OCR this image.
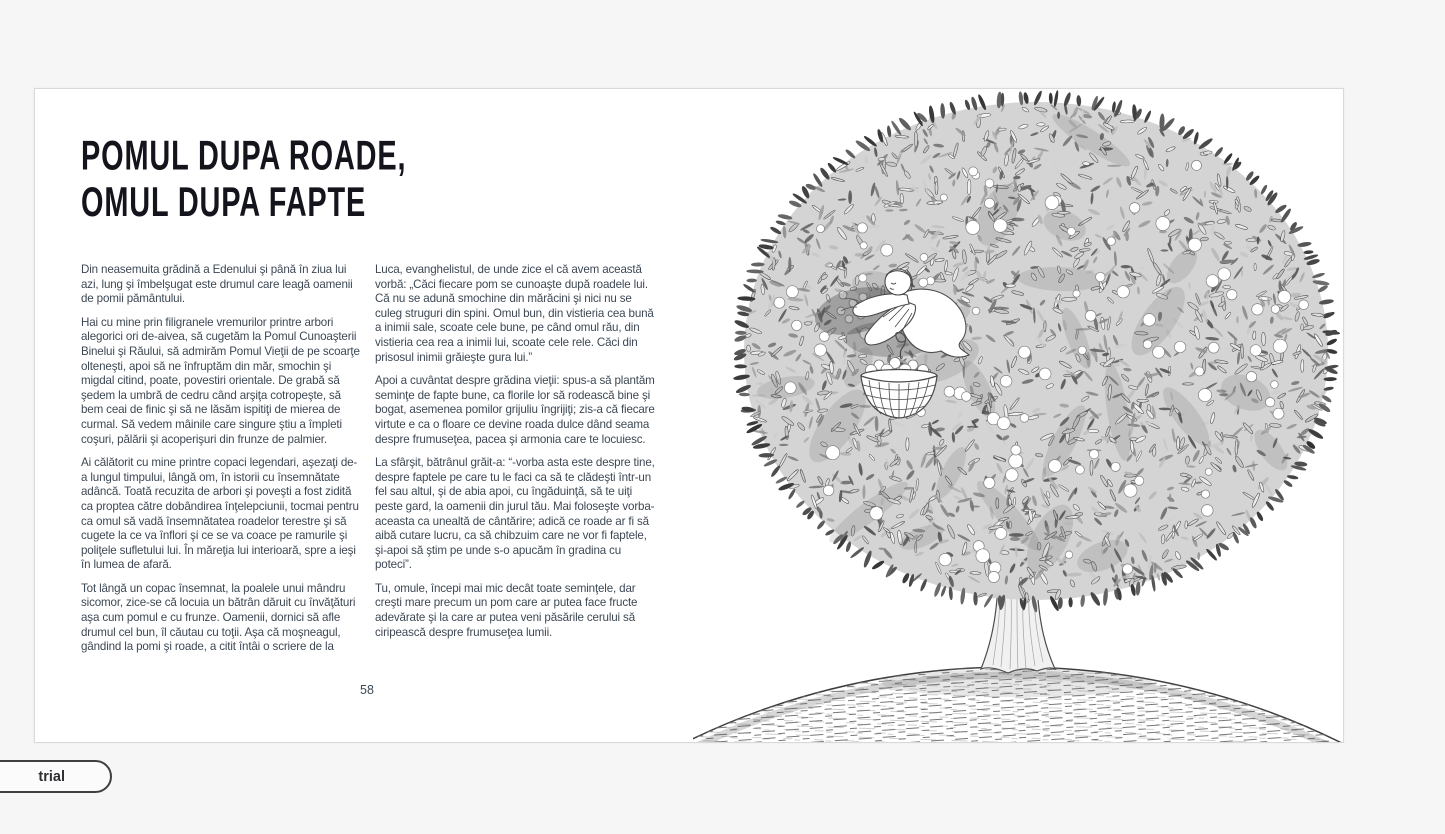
POMUL DUPA ROADE,
OMUL DUPA FAPTE

Din neasemuita grădină a Edenului şi până în ziua lui azi, lung şi îmbelşugat este drumul care leagă oamenii de pomii pământului.

Hai cu mine prin filigranele vremurilor printre arbori alegorici ori de-aivea, să cugetăm la Pomul Cunoaşterii Binelui şi Răului, să admirăm Pomul Vieţii de pe scoarţe olteneşti, apoi să ne înfruptăm din măr, smochin şi migdal citind, poate, povestiri orientale. De grabă să şedem la umbră de cedru când arşiţa cotropeşte, să bem ceai de finic şi să ne lăsăm ispitiţi de mierea de curmal. Să vedem mâinile care singure ştiu a împleti coşuri, pălării şi acoperişuri din frunze de palmier.

Ai călătorit cu mine printre copaci legendari, aşezaţi de-a lungul timpului, lângă om, în istorii cu însemnătate adâncă. Toată recuzita de arbori şi poveşti a fost zidită ca proptea către dobândirea înţelepciunii, tocmai pentru ca omul să vadă însemnătatea roadelor terestre şi să cugete la ce va înflori şi ce se va coace pe ramurile şi poliţele sufletului lui. În măreţia lui interioară, spre a ieşi în lumea de afară.

Tot lângă un copac însemnat, la poalele unui mândru sicomor, zice-se că locuia un bătrân dăruit cu învăţături aşa cum pomul e cu frunze. Oamenii, dornici să afle drumul cel bun, îl căutau cu toţii. Aşa că moşneagul, gândind la pomi şi roade, a citit întâi o scriere de la

Luca, evanghelistul, de unde zice el că avem această vorbă: „Căci fiecare pom se cunoaşte după roadele lui. Că nu se adună smochine din mărăcini şi nici nu se culeg struguri din spini. Omul bun, din vistieria cea bună a inimii sale, scoate cele bune, pe când omul rău, din vistieria cea rea a inimii lui, scoate cele rele. Căci din prisosul inimii grăieşte gura lui.”

Apoi a cuvântat despre grădina vieţii: spus-a să plantăm seminţe de fapte bune, ca florile lor să rodească bine şi bogat, asemenea pomilor grijuliu îngrijiţi; zis-a că fiecare virtute e ca o floare ce devine roada dulce dând seama despre frumuseţea, pacea şi armonia care te locuiesc.

La sfârşit, bătrânul grăit-a: “-vorba asta este despre tine, despre faptele pe care tu le faci ca să te clădeşti într-un fel sau altul, şi de abia apoi, cu îngăduinţă, să te uiţi peste gard, la oamenii din jurul tău. Mai foloseşte vorba-aceasta ca unealtă de cântărire; adică ce roade ar fi să aibă cutare lucru, ca să chibzuim care ne vor fi faptele, şi-apoi să ştim pe unde s-o apucăm în gradina cu poteci”.

Tu, omule, începi mai mic decât toate seminţele, dar creşti mare precum un pom care ar putea face fructe adevărate şi la care ar putea veni păsările cerului să ciripească despre frumuseţea lumii.

58
trial
